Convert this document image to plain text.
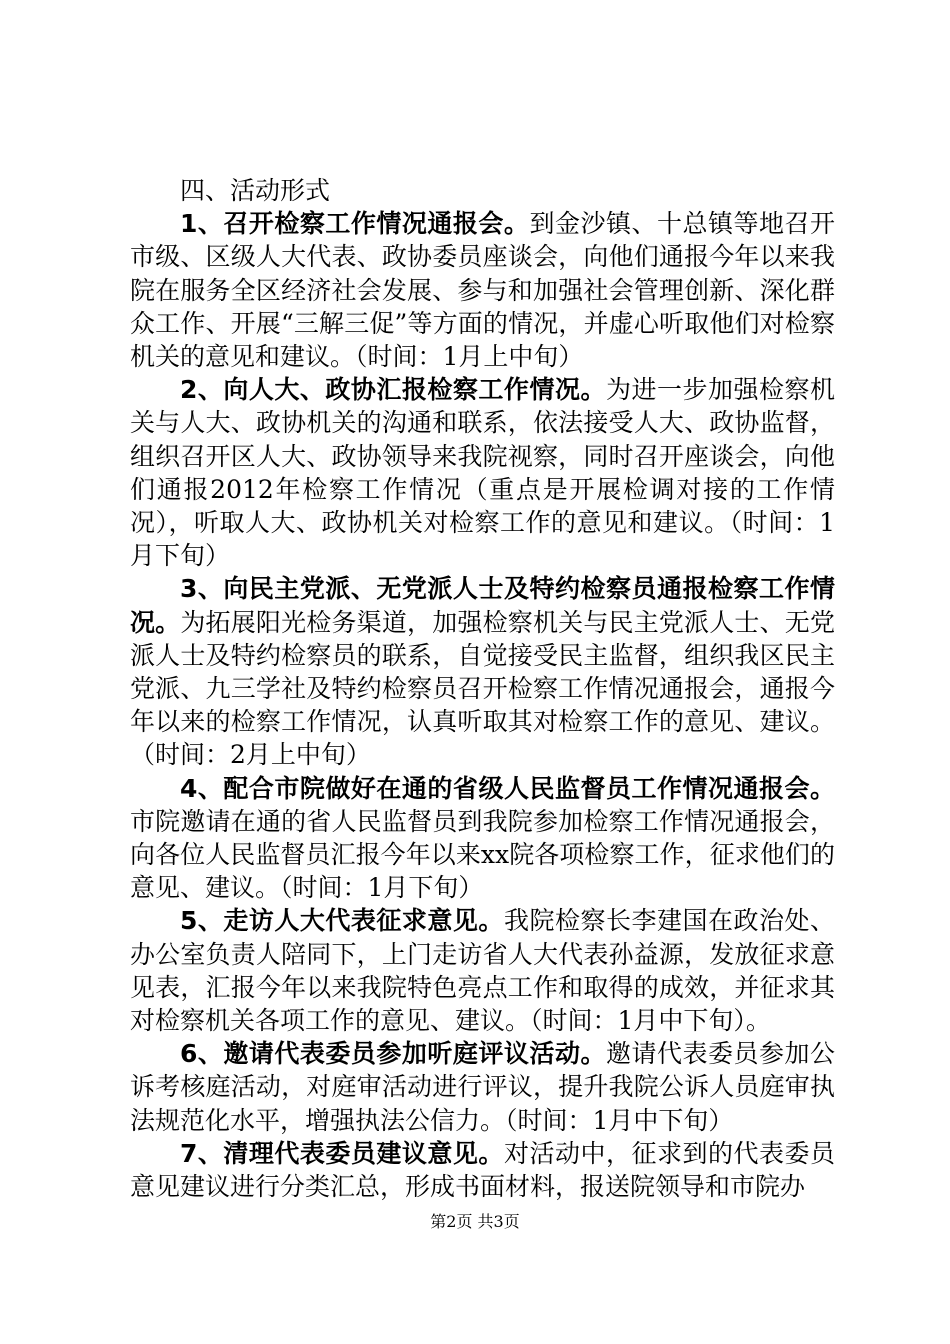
四、活动形式

1、召开检察工作情况通报会。到金沙镇、十总镇等地召开市级、区级人大代表、政协委员座谈会，向他们通报今年以来我院在服务全区经济社会发展、参与和加强社会管理创新、深化群众工作、开展“三解三促”等方面的情况，并虚心听取他们对检察机关的意见和建议。（时间：1月上中旬）

2、向人大、政协汇报检察工作情况。为进一步加强检察机关与人大、政协机关的沟通和联系，依法接受人大、政协监督，组织召开区人大、政协领导来我院视察，同时召开座谈会，向他们通报2012年检察工作情况（重点是开展检调对接的工作情况），听取人大、政协机关对检察工作的意见和建议。（时间：1月下旬）

3、向民主党派、无党派人士及特约检察员通报检察工作情况。为拓展阳光检务渠道，加强检察机关与民主党派人士、无党派人士及特约检察员的联系，自觉接受民主监督，组织我区民主党派、九三学社及特约检察员召开检察工作情况通报会，通报今年以来的检察工作情况，认真听取其对检察工作的意见、建议。（时间：2月上中旬）

4、配合市院做好在通的省级人民监督员工作情况通报会。市院邀请在通的省人民监督员到我院参加检察工作情况通报会，向各位人民监督员汇报今年以来xx院各项检察工作，征求他们的意见、建议。（时间：1月下旬）

5、走访人大代表征求意见。我院检察长李建国在政治处、办公室负责人陪同下，上门走访省人大代表孙益源，发放征求意见表，汇报今年以来我院特色亮点工作和取得的成效，并征求其对检察机关各项工作的意见、建议。（时间：1月中下旬）。

6、邀请代表委员参加听庭评议活动。邀请代表委员参加公诉考核庭活动，对庭审活动进行评议，提升我院公诉人员庭审执法规范化水平，增强执法公信力。（时间：1月中下旬）

7、清理代表委员建议意见。对活动中，征求到的代表委员意见建议进行分类汇总，形成书面材料，报送院领导和市院办

第2页 共3页
